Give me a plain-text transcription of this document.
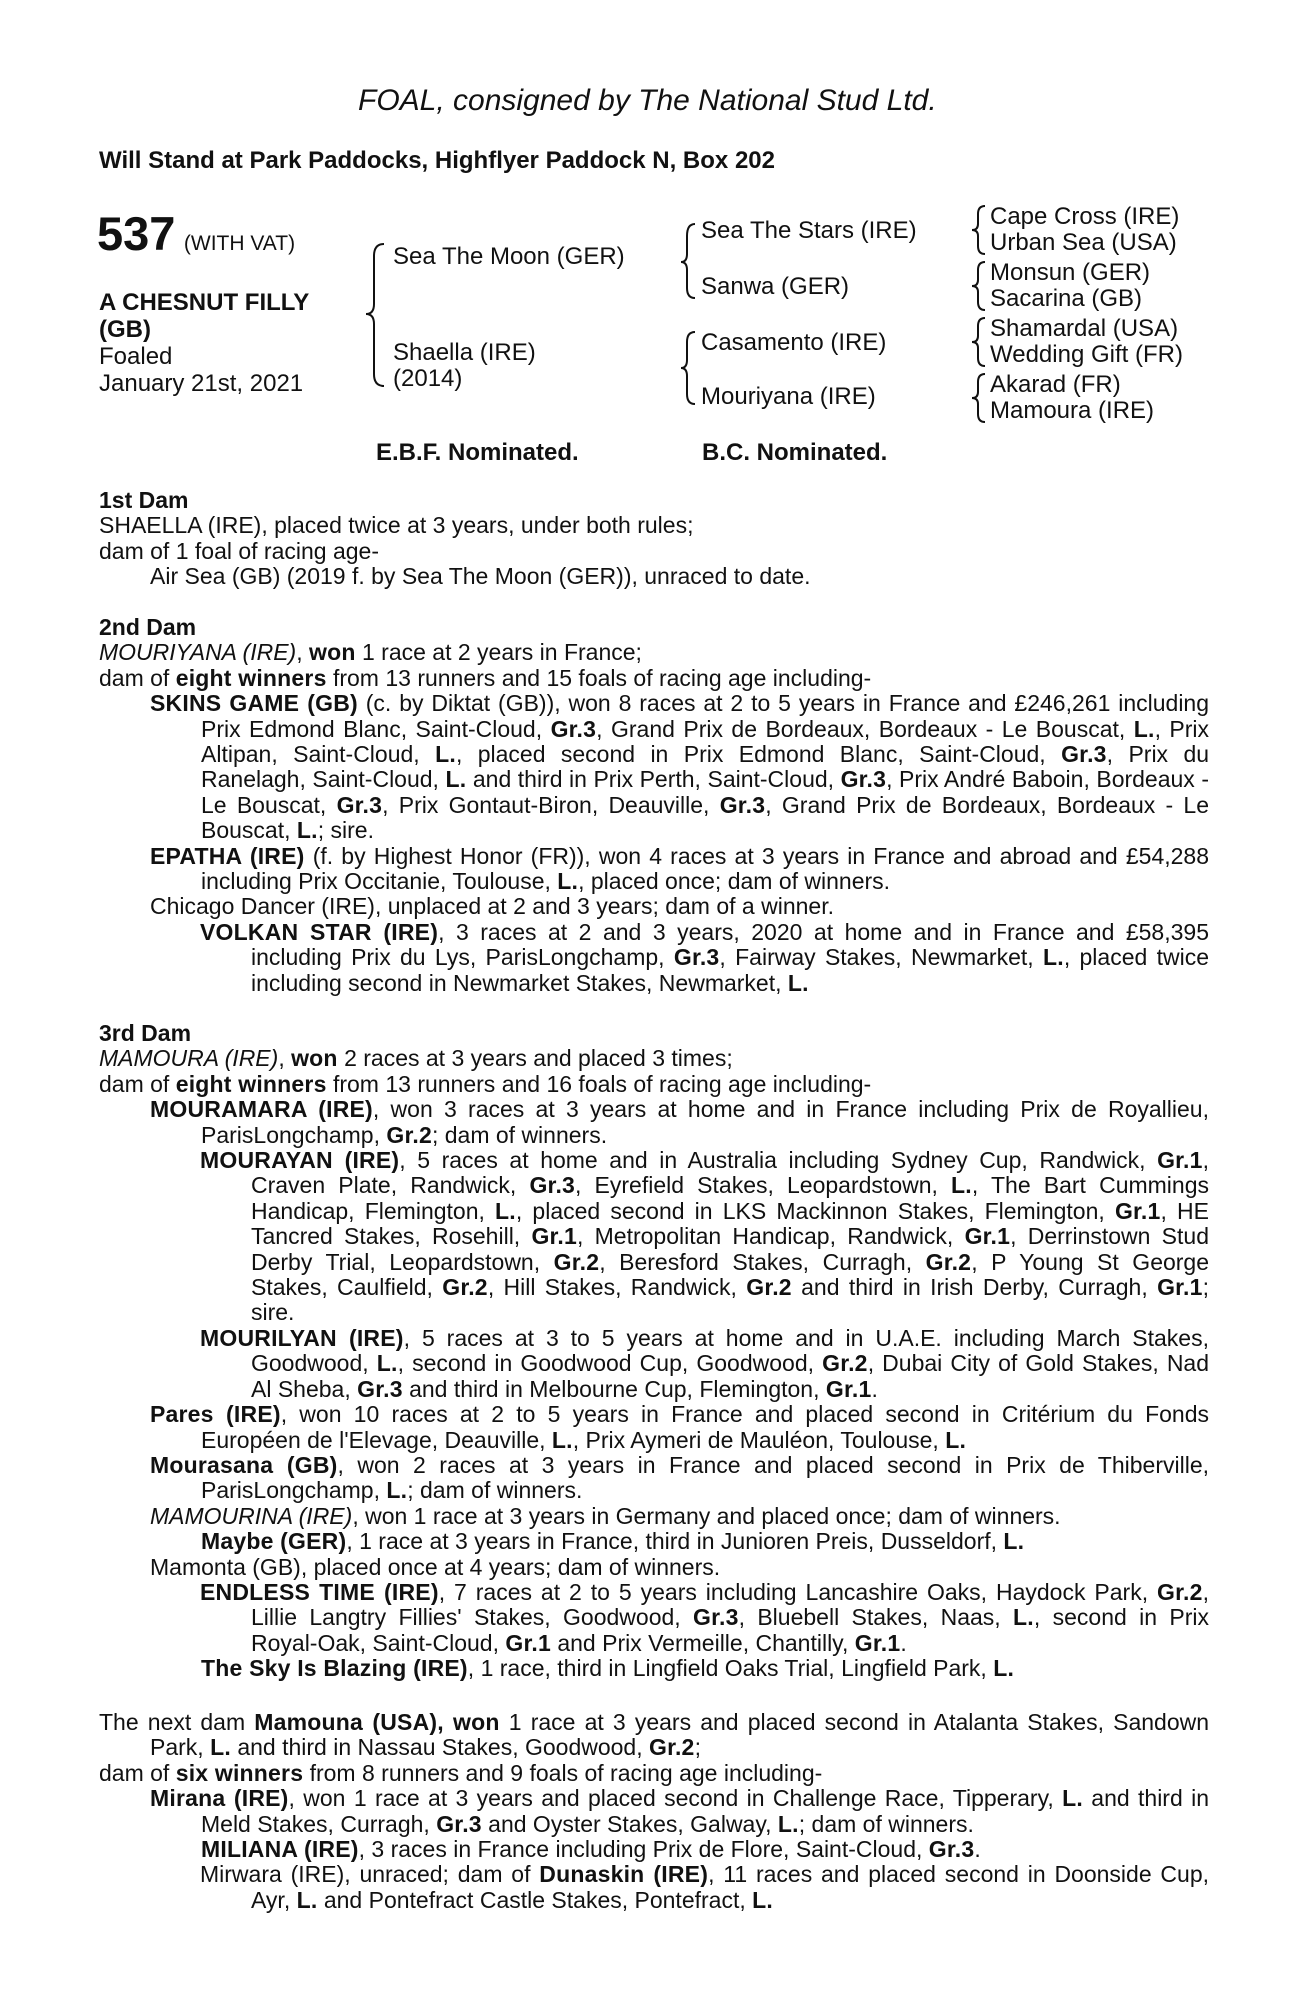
FOAL, consigned by The National Stud Ltd.
Will Stand at Park Paddocks, Highflyer Paddock N, Box 202
537 (WITH VAT)
A CHESNUT FILLY
(GB)
Foaled
January 21st, 2021
Sea The Moon (GER)
Shaella (IRE)
(2014)
Sea The Stars (IRE)
Sanwa (GER)
Casamento (IRE)
Mouriyana (IRE)
Cape Cross (IRE)
Urban Sea (USA)
Monsun (GER)
Sacarina (GB)
Shamardal (USA)
Wedding Gift (FR)
Akarad (FR)
Mamoura (IRE)
E.B.F. Nominated.	B.C. Nominated.
1st Dam

SHAELLA (IRE), placed twice at 3 years, under both rules;

dam of 1 foal of racing age-

Air Sea (GB) (2019 f. by Sea The Moon (GER)), unraced to date.

2nd Dam

MOURIYANA (IRE), won 1 race at 2 years in France;

dam of eight winners from 13 runners and 15 foals of racing age including-

SKINS GAME (GB) (c. by Diktat (GB)), won 8 races at 2 to 5 years in France and £246,261 including Prix Edmond Blanc, Saint-Cloud, Gr.3, Grand Prix de Bordeaux, Bordeaux - Le Bouscat, L., Prix Altipan, Saint-Cloud, L., placed second in Prix Edmond Blanc, Saint-Cloud, Gr.3, Prix du Ranelagh, Saint-Cloud, L. and third in Prix Perth, Saint-Cloud, Gr.3, Prix André Baboin, Bordeaux - Le Bouscat, Gr.3, Prix Gontaut-Biron, Deauville, Gr.3, Grand Prix de Bordeaux, Bordeaux - Le Bouscat, L.; sire.

EPATHA (IRE) (f. by Highest Honor (FR)), won 4 races at 3 years in France and abroad and £54,288 including Prix Occitanie, Toulouse, L., placed once; dam of winners.

Chicago Dancer (IRE), unplaced at 2 and 3 years; dam of a winner.

VOLKAN STAR (IRE), 3 races at 2 and 3 years, 2020 at home and in France and £58,395 including Prix du Lys, ParisLongchamp, Gr.3, Fairway Stakes, Newmarket, L., placed twice including second in Newmarket Stakes, Newmarket, L.

3rd Dam

MAMOURA (IRE), won 2 races at 3 years and placed 3 times;

dam of eight winners from 13 runners and 16 foals of racing age including-

MOURAMARA (IRE), won 3 races at 3 years at home and in France including Prix de Royallieu, ParisLongchamp, Gr.2; dam of winners.

MOURAYAN (IRE), 5 races at home and in Australia including Sydney Cup, Randwick, Gr.1, Craven Plate, Randwick, Gr.3, Eyrefield Stakes, Leopardstown, L., The Bart Cummings Handicap, Flemington, L., placed second in LKS Mackinnon Stakes, Flemington, Gr.1, HE Tancred Stakes, Rosehill, Gr.1, Metropolitan Handicap, Randwick, Gr.1, Derrinstown Stud Derby Trial, Leopardstown, Gr.2, Beresford Stakes, Curragh, Gr.2, P Young St George Stakes, Caulfield, Gr.2, Hill Stakes, Randwick, Gr.2 and third in Irish Derby, Curragh, Gr.1; sire.

MOURILYAN (IRE), 5 races at 3 to 5 years at home and in U.A.E. including March Stakes, Goodwood, L., second in Goodwood Cup, Goodwood, Gr.2, Dubai City of Gold Stakes, Nad Al Sheba, Gr.3 and third in Melbourne Cup, Flemington, Gr.1.

Pares (IRE), won 10 races at 2 to 5 years in France and placed second in Critérium du Fonds Européen de l'Elevage, Deauville, L., Prix Aymeri de Mauléon, Toulouse, L.

Mourasana (GB), won 2 races at 3 years in France and placed second in Prix de Thiberville, ParisLongchamp, L.; dam of winners.

MAMOURINA (IRE), won 1 race at 3 years in Germany and placed once; dam of winners.

Maybe (GER), 1 race at 3 years in France, third in Junioren Preis, Dusseldorf, L.

Mamonta (GB), placed once at 4 years; dam of winners.

ENDLESS TIME (IRE), 7 races at 2 to 5 years including Lancashire Oaks, Haydock Park, Gr.2, Lillie Langtry Fillies' Stakes, Goodwood, Gr.3, Bluebell Stakes, Naas, L., second in Prix Royal-Oak, Saint-Cloud, Gr.1 and Prix Vermeille, Chantilly, Gr.1.

The Sky Is Blazing (IRE), 1 race, third in Lingfield Oaks Trial, Lingfield Park, L.

The next dam Mamouna (USA), won 1 race at 3 years and placed second in Atalanta Stakes, Sandown Park, L. and third in Nassau Stakes, Goodwood, Gr.2;

dam of six winners from 8 runners and 9 foals of racing age including-

Mirana (IRE), won 1 race at 3 years and placed second in Challenge Race, Tipperary, L. and third in Meld Stakes, Curragh, Gr.3 and Oyster Stakes, Galway, L.; dam of winners.

MILIANA (IRE), 3 races in France including Prix de Flore, Saint-Cloud, Gr.3.

Mirwara (IRE), unraced; dam of Dunaskin (IRE), 11 races and placed second in Doonside Cup, Ayr, L. and Pontefract Castle Stakes, Pontefract, L.
